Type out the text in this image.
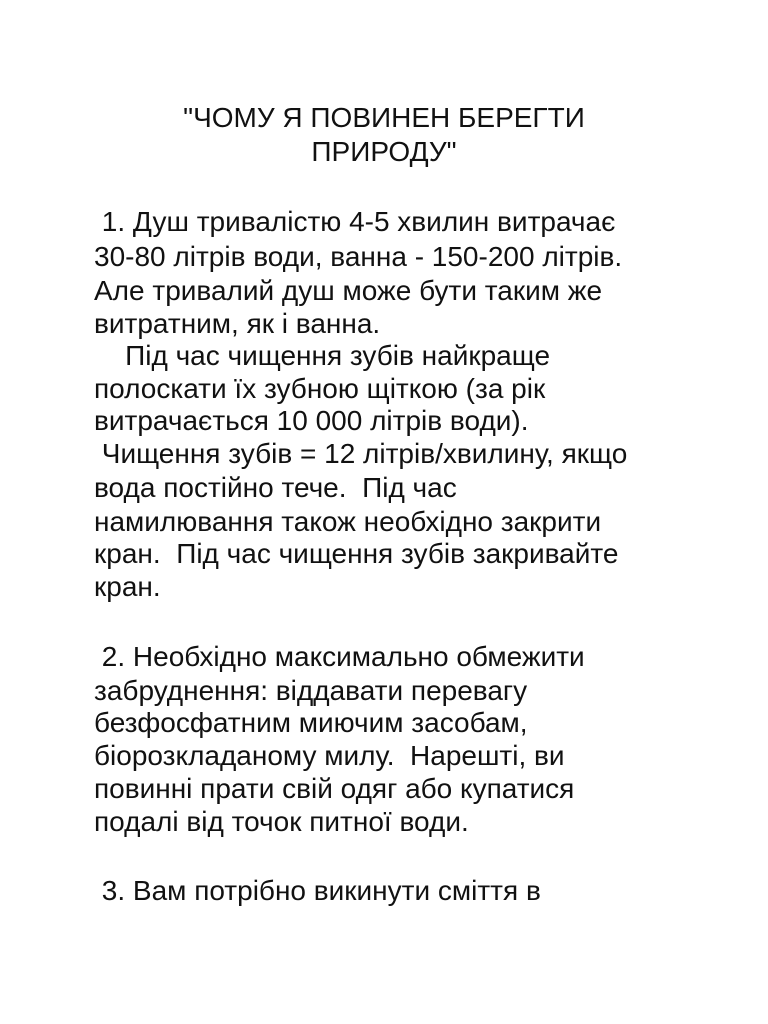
"ЧОМУ Я ПОВИНЕН БЕРЕГТИ
ПРИРОДУ"
1. Душ тривалістю 4-5 хвилин витрачає
30-80 літрів води, ванна - 150-200 літрів.
Але тривалий душ може бути таким же
витратним, як і ванна.
Під час чищення зубів найкраще
полоскати їх зубною щіткою (за рік
витрачається 10 000 літрів води).
Чищення зубів = 12 літрів/хвилину, якщо
вода постійно тече.  Під час
намилювання також необхідно закрити
кран.  Під час чищення зубів закривайте
кран.
2. Необхідно максимально обмежити
забруднення: віддавати перевагу
безфосфатним миючим засобам,
біорозкладаному милу.  Нарешті, ви
повинні прати свій одяг або купатися
подалі від точок питної води.
3. Вам потрібно викинути сміття в
